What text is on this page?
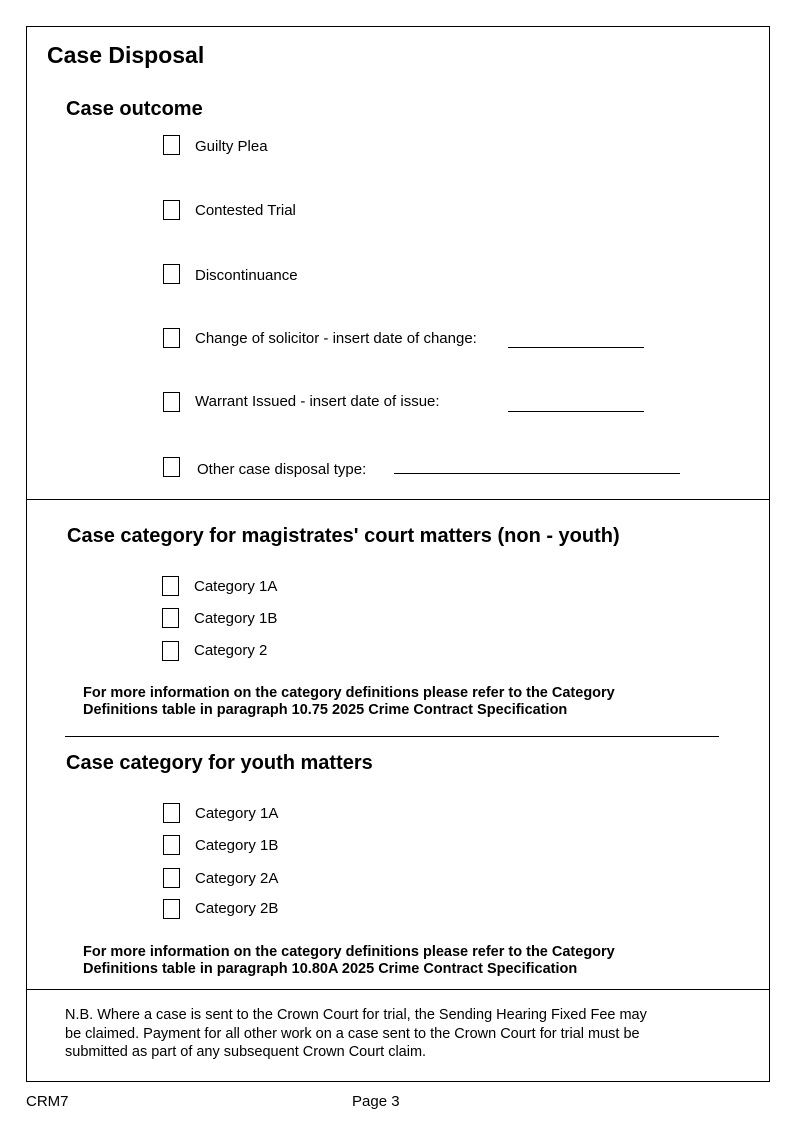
Case Disposal
Case outcome
Guilty Plea
Contested Trial
Discontinuance
Change of solicitor - insert date of change:
Warrant Issued - insert date of issue:
Other case disposal type:
Case category for magistrates' court matters (non - youth)
Category 1A
Category 1B
Category 2
For more information on the category definitions please refer to the Category
Definitions table in paragraph 10.75 2025 Crime Contract Specification
Case category for youth matters
Category 1A
Category 1B
Category 2A
Category 2B
For more information on the category definitions please refer to the Category
Definitions table in paragraph 10.80A 2025 Crime Contract Specification
N.B. Where a case is sent to the Crown Court for trial, the Sending Hearing Fixed Fee may
be claimed. Payment for all other work on a case sent to the Crown Court for trial must be
submitted as part of any subsequent Crown Court claim.
CRM7	Page 3
